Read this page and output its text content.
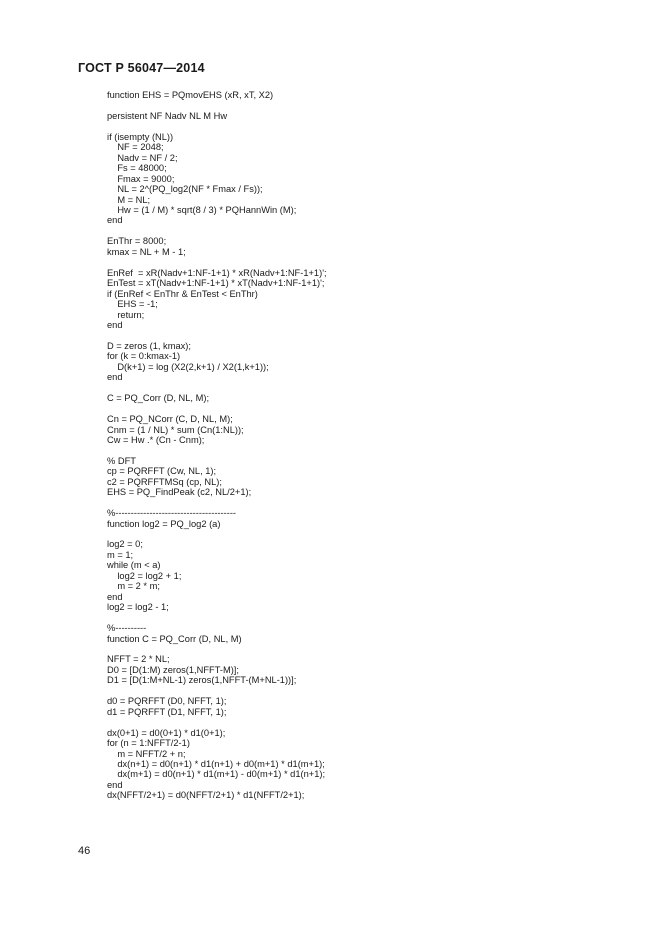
ГОСТ Р 56047—2014
function EHS = PQmovEHS (xR, xT, X2)
persistent NF Nadv NL M Hw
if (isempty (NL))
NF = 2048;
Nadv = NF / 2;
Fs = 48000;
Fmax = 9000;
NL = 2^(PQ_log2(NF * Fmax / Fs));
M = NL;
Hw = (1 / M) * sqrt(8 / 3) * PQHannWin (M);
end
EnThr = 8000;
kmax = NL + M - 1;
EnRef  = xR(Nadv+1:NF-1+1) * xR(Nadv+1:NF-1+1)';
EnTest = xT(Nadv+1:NF-1+1) * xT(Nadv+1:NF-1+1)';
if (EnRef < EnThr & EnTest < EnThr)
EHS = -1;
return;
end
D = zeros (1, kmax);
for (k = 0:kmax-1)
D(k+1) = log (X2(2,k+1) / X2(1,k+1));
end
C = PQ_Corr (D, NL, M);
Cn = PQ_NCorr (C, D, NL, M);
Cnm = (1 / NL) * sum (Cn(1:NL));
Cw = Hw .* (Cn - Cnm);
% DFT
cp = PQRFFT (Cw, NL, 1);
c2 = PQRFFTMSq (cp, NL);
EHS = PQ_FindPeak (c2, NL/2+1);
%---------------------------------------
function log2 = PQ_log2 (a)
log2 = 0;
m = 1;
while (m < a)
log2 = log2 + 1;
m = 2 * m;
end
log2 = log2 - 1;
%----------
function C = PQ_Corr (D, NL, M)
NFFT = 2 * NL;
D0 = [D(1:M) zeros(1,NFFT-M)];
D1 = [D(1:M+NL-1) zeros(1,NFFT-(M+NL-1))];
d0 = PQRFFT (D0, NFFT, 1);
d1 = PQRFFT (D1, NFFT, 1);
dx(0+1) = d0(0+1) * d1(0+1);
for (n = 1:NFFT/2-1)
m = NFFT/2 + n;
dx(n+1) = d0(n+1) * d1(n+1) + d0(m+1) * d1(m+1);
dx(m+1) = d0(n+1) * d1(m+1) - d0(m+1) * d1(n+1);
end
dx(NFFT/2+1) = d0(NFFT/2+1) * d1(NFFT/2+1);
46
